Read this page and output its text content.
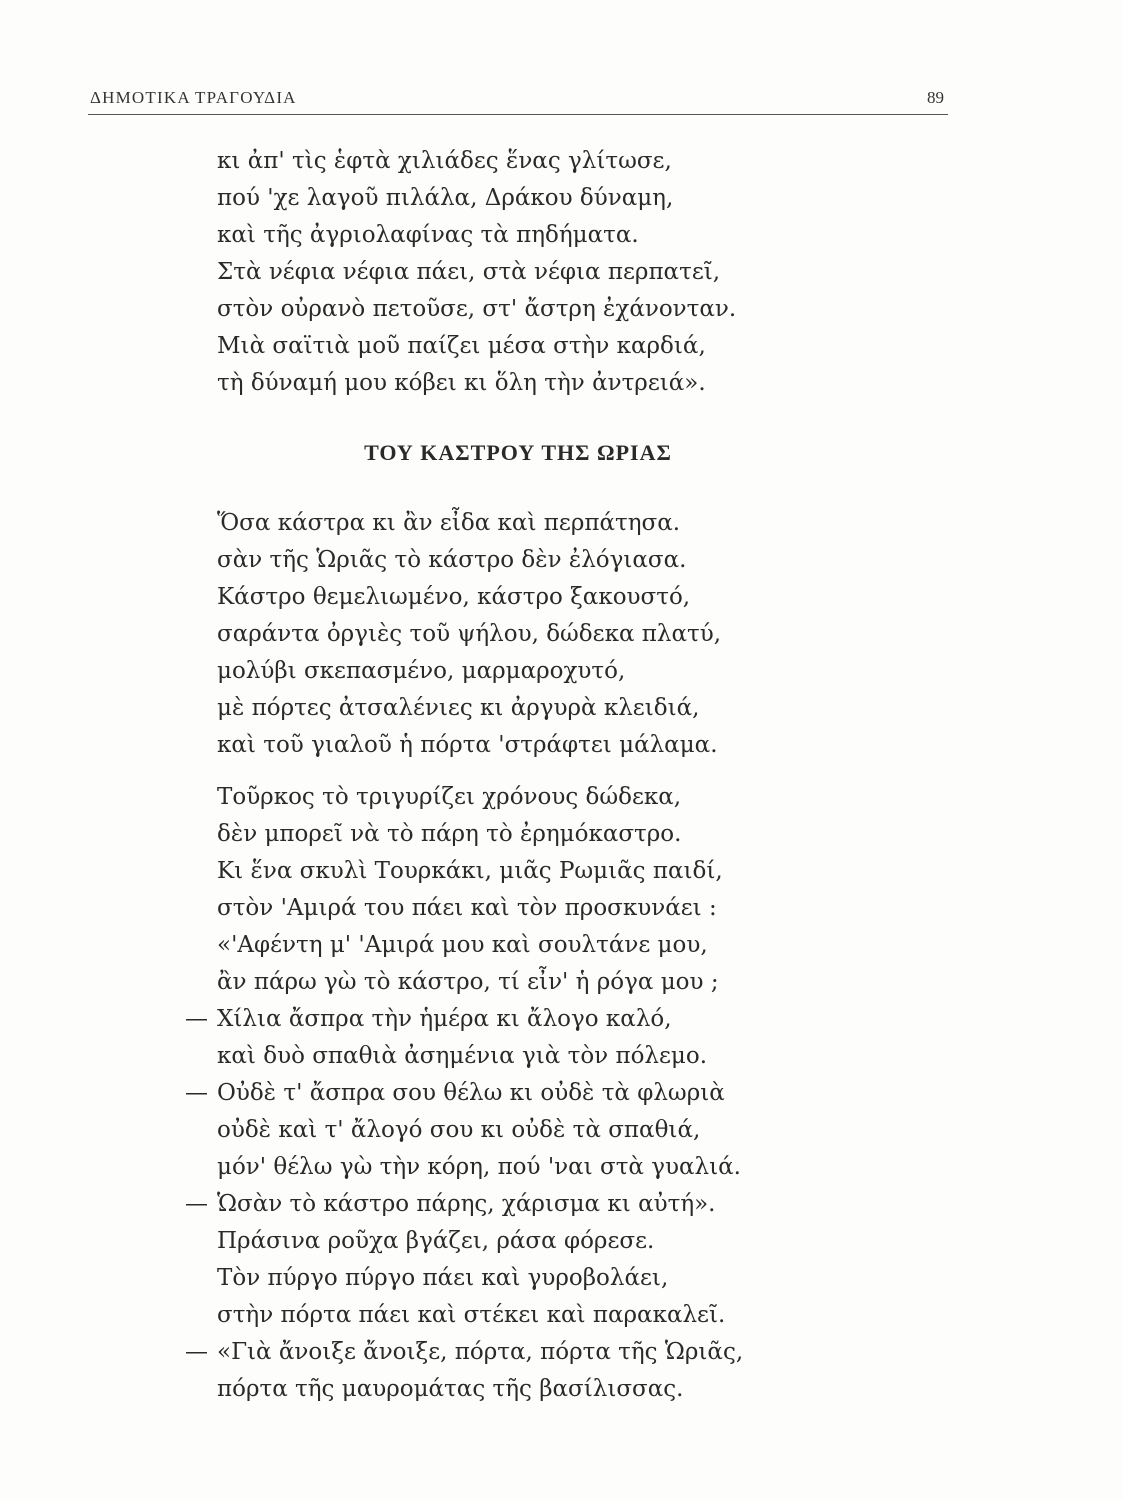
ΔΗΜΟΤΙΚΑ ΤΡΑΓΟΥΔΙΑ	89
κι ἀπ' τὶς ἑφτὰ χιλιάδες ἕνας γλίτωσε,
πού 'χε λαγοῦ πιλάλα, Δράκου δύναμη,
καὶ τῆς ἀγριολαφίνας τὰ πηδήματα.
Στὰ νέφια νέφια πάει, στὰ νέφια περπατεῖ,
στὸν οὐρανὸ πετοῦσε, στ' ἄστρη ἐχάνονταν.
Μιὰ σαϊτιὰ μοῦ παίζει μέσα στὴν καρδιά,
τὴ δύναμή μου κόβει κι ὅλη τὴν ἀντρειά».
ΤΟΥ ΚΑΣΤΡΟΥ ΤΗΣ ΩΡΙΑΣ
Ὅσα κάστρα κι ἂν εἶδα καὶ περπάτησα.
σὰν τῆς Ὡριᾶς τὸ κάστρο δὲν ἐλόγιασα.
Κάστρο θεμελιωμένο, κάστρο ξακουστό,
σαράντα ὀργιὲς τοῦ ψήλου, δώδεκα πλατύ,
μολύβι σκεπασμένο, μαρμαροχυτό,
μὲ πόρτες ἀτσαλένιες κι ἀργυρὰ κλειδιά,
καὶ τοῦ γιαλοῦ ἡ πόρτα 'στράφτει μάλαμα.
Τοῦρκος τὸ τριγυρίζει χρόνους δώδεκα,
δὲν μπορεῖ νὰ τὸ πάρη τὸ ἐρημόκαστρο.
Κι ἕνα σκυλὶ Τουρκάκι, μιᾶς Ρωμιᾶς παιδί,
στὸν 'Αμιρά του πάει καὶ τὸν προσκυνάει :
«'Αφέντη μ' 'Αμιρά μου καὶ σουλτάνε μου,
ἂν πάρω γὼ τὸ κάστρο, τί εἶν' ἡ ρόγα μου ;
— Χίλια ἄσπρα τὴν ἡμέρα κι ἄλογο καλό,
καὶ δυὸ σπαθιὰ ἀσημένια γιὰ τὸν πόλεμο.
— Οὐδὲ τ' ἄσπρα σου θέλω κι οὐδὲ τὰ φλωριὰ
οὐδὲ καὶ τ' ἄλογό σου κι οὐδὲ τὰ σπαθιά,
μόν' θέλω γὼ τὴν κόρη, πού 'ναι στὰ γυαλιά.
— Ὡσὰν τὸ κάστρο πάρης, χάρισμα κι αὐτή».
Πράσινα ροῦχα βγάζει, ράσα φόρεσε.
Τὸν πύργο πύργο πάει καὶ γυροβολάει,
στὴν πόρτα πάει καὶ στέκει καὶ παρακαλεῖ.
— «Γιὰ ἄνοιξε ἄνοιξε, πόρτα, πόρτα τῆς Ὡριᾶς,
πόρτα τῆς μαυρομάτας τῆς βασίλισσας.
